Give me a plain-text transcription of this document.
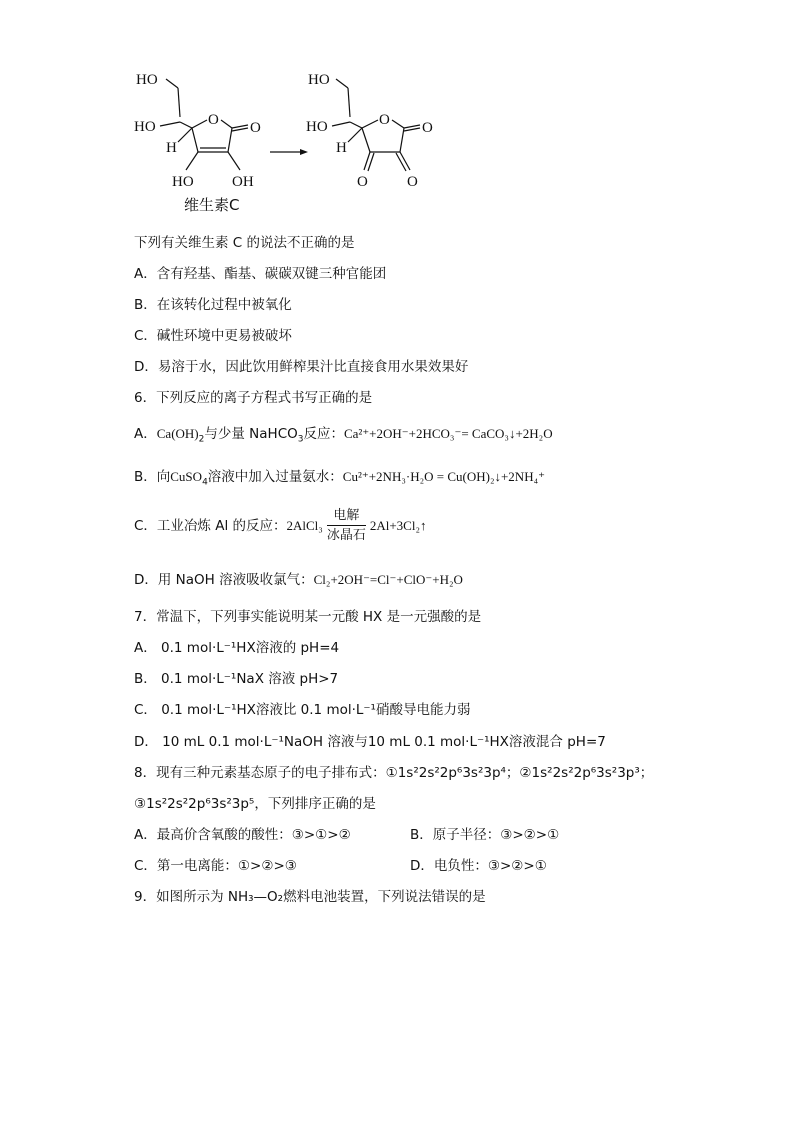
HO
HO
H
O O
HO	OH
HO
HO
H
O O
O	O
维生素C
下列有关维生素 C 的说法不正确的是
A．含有羟基、酯基、碳碳双键三种官能团
B．在该转化过程中被氧化
C．碱性环境中更易被破坏
D．易溶于水，因此饮用鲜榨果汁比直接食用水果效果好
6．下列反应的离子方程式书写正确的是
A．$Ca(OH)_2$与少量 NaHCO$_3$反应：Ca²⁺+2OH⁻+2HCO₃⁻= CaCO₃↓+2H₂O
B．向CuSO$_4$溶液中加入过量氨水：Cu²⁺+2NH₃·H₂O = Cu(OH)₂↓+2NH₄⁺
C．工业冶炼 Al 的反应：2AlCl₃ $\frac{\text{电解}}{\text{冰晶石}}$ 2Al+3Cl₂↑
D．用 NaOH 溶液吸收氯气：Cl₂+2OH⁻=Cl⁻+ClO⁻+H₂O
7．常温下，下列事实能说明某一元酸 HX 是一元强酸的是
A． 0.1 mol·L⁻¹HX溶液的 pH=4
B． 0.1 mol·L⁻¹NaX 溶液 pH>7
C． 0.1 mol·L⁻¹HX溶液比 0.1 mol·L⁻¹硝酸导电能力弱
D． 10 mL 0.1 mol·L⁻¹NaOH 溶液与10 mL 0.1 mol·L⁻¹HX溶液混合 pH=7
8．现有三种元素基态原子的电子排布式：①1s²2s²2p⁶3s²3p⁴；②1s²2s²2p⁶3s²3p³；
③1s²2s²2p⁶3s²3p⁵，下列排序正确的是
A．最高价含氧酸的酸性：③>①>②	B．原子半径：③>②>①
C．第一电离能：①>②>③	D．电负性：③>②>①
9．如图所示为 NH₃—O₂燃料电池装置，下列说法错误的是
